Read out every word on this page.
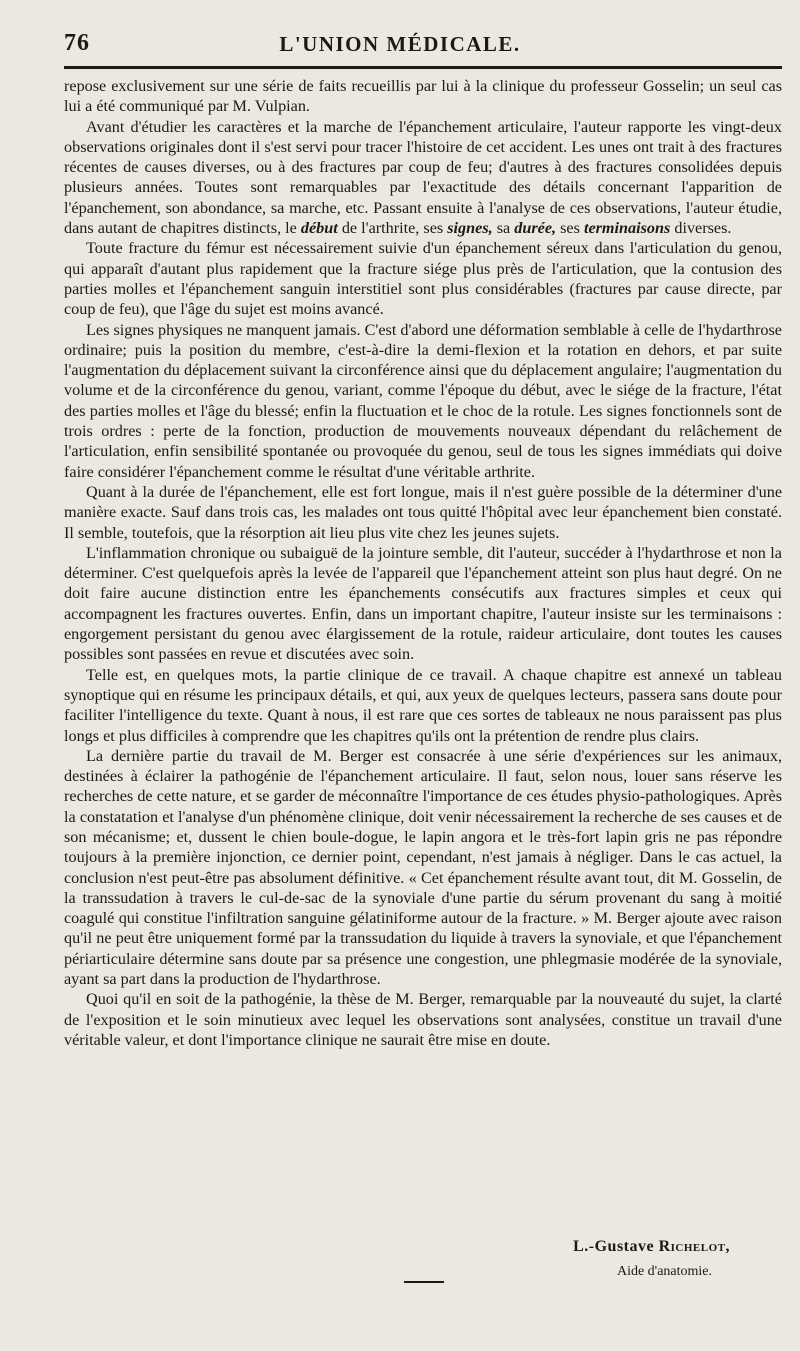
76	L'UNION MÉDICALE.

repose exclusivement sur une série de faits recueillis par lui à la clinique du professeur Gosselin; un seul cas lui a été communiqué par M. Vulpian.

Avant d'étudier les caractères et la marche de l'épanchement articulaire, l'auteur rapporte les vingt-deux observations originales dont il s'est servi pour tracer l'histoire de cet accident. Les unes ont trait à des fractures récentes de causes diverses, ou à des fractures par coup de feu; d'autres à des fractures consolidées depuis plusieurs années. Toutes sont remarquables par l'exactitude des détails concernant l'apparition de l'épanchement, son abondance, sa marche, etc. Passant ensuite à l'analyse de ces observations, l'auteur étudie, dans autant de chapitres distincts, le début de l'arthrite, ses signes, sa durée, ses terminaisons diverses.

Toute fracture du fémur est nécessairement suivie d'un épanchement séreux dans l'articulation du genou, qui apparaît d'autant plus rapidement que la fracture siége plus près de l'articulation, que la contusion des parties molles et l'épanchement sanguin interstitiel sont plus considérables (fractures par cause directe, par coup de feu), que l'âge du sujet est moins avancé.

Les signes physiques ne manquent jamais. C'est d'abord une déformation semblable à celle de l'hydarthrose ordinaire; puis la position du membre, c'est-à-dire la demi-flexion et la rotation en dehors, et par suite l'augmentation du déplacement suivant la circonférence ainsi que du déplacement angulaire; l'augmentation du volume et de la circonférence du genou, variant, comme l'époque du début, avec le siége de la fracture, l'état des parties molles et l'âge du blessé; enfin la fluctuation et le choc de la rotule. Les signes fonctionnels sont de trois ordres : perte de la fonction, production de mouvements nouveaux dépendant du relâchement de l'articulation, enfin sensibilité spontanée ou provoquée du genou, seul de tous les signes immédiats qui doive faire considérer l'épanchement comme le résultat d'une véritable arthrite.

Quant à la durée de l'épanchement, elle est fort longue, mais il n'est guère possible de la déterminer d'une manière exacte. Sauf dans trois cas, les malades ont tous quitté l'hôpital avec leur épanchement bien constaté. Il semble, toutefois, que la résorption ait lieu plus vite chez les jeunes sujets.

L'inflammation chronique ou subaiguë de la jointure semble, dit l'auteur, succéder à l'hydarthrose et non la déterminer. C'est quelquefois après la levée de l'appareil que l'épanchement atteint son plus haut degré. On ne doit faire aucune distinction entre les épanchements consécutifs aux fractures simples et ceux qui accompagnent les fractures ouvertes. Enfin, dans un important chapitre, l'auteur insiste sur les terminaisons : engorgement persistant du genou avec élargissement de la rotule, raideur articulaire, dont toutes les causes possibles sont passées en revue et discutées avec soin.

Telle est, en quelques mots, la partie clinique de ce travail. A chaque chapitre est annexé un tableau synoptique qui en résume les principaux détails, et qui, aux yeux de quelques lecteurs, passera sans doute pour faciliter l'intelligence du texte. Quant à nous, il est rare que ces sortes de tableaux ne nous paraissent pas plus longs et plus difficiles à comprendre que les chapitres qu'ils ont la prétention de rendre plus clairs.

La dernière partie du travail de M. Berger est consacrée à une série d'expériences sur les animaux, destinées à éclairer la pathogénie de l'épanchement articulaire. Il faut, selon nous, louer sans réserve les recherches de cette nature, et se garder de méconnaître l'importance de ces études physio-pathologiques. Après la constatation et l'analyse d'un phénomène clinique, doit venir nécessairement la recherche de ses causes et de son mécanisme; et, dussent le chien boule-dogue, le lapin angora et le très-fort lapin gris ne pas répondre toujours à la première injonction, ce dernier point, cependant, n'est jamais à négliger. Dans le cas actuel, la conclusion n'est peut-être pas absolument définitive. « Cet épanchement résulte avant tout, dit M. Gosselin, de la transsudation à travers le cul-de-sac de la synoviale d'une partie du sérum provenant du sang à moitié coagulé qui constitue l'infiltration sanguine gélatiniforme autour de la fracture. » M. Berger ajoute avec raison qu'il ne peut être uniquement formé par la transsudation du liquide à travers la synoviale, et que l'épanchement périarticulaire détermine sans doute par sa présence une congestion, une phlegmasie modérée de la synoviale, ayant sa part dans la production de l'hydarthrose.

Quoi qu'il en soit de la pathogénie, la thèse de M. Berger, remarquable par la nouveauté du sujet, la clarté de l'exposition et le soin minutieux avec lequel les observations sont analysées, constitue un travail d'une véritable valeur, et dont l'importance clinique ne saurait être mise en doute.

L.-Gustave Richelot,
Aide d'anatomie.
